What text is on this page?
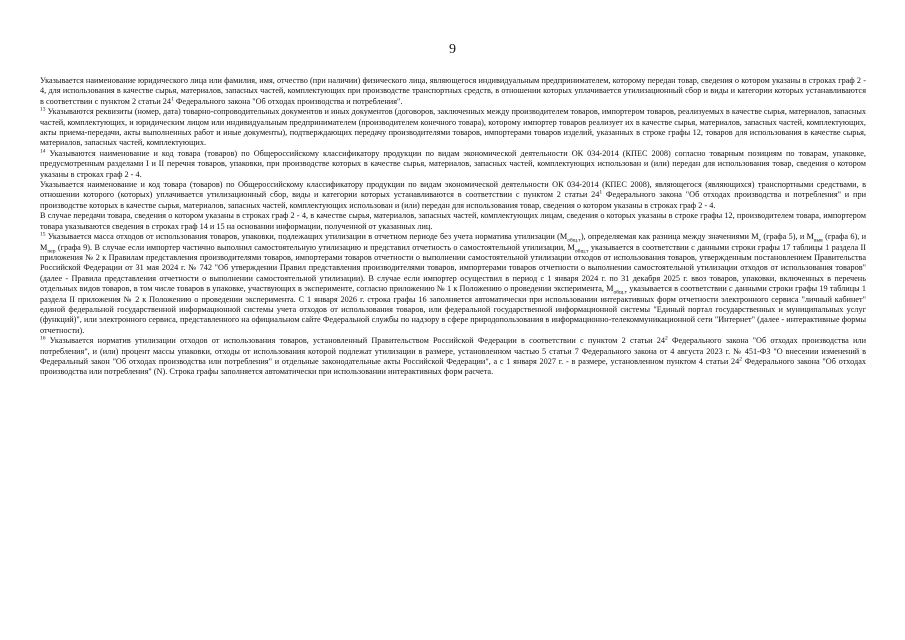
9

Указывается наименование юридического лица или фамилия, имя, отчество (при наличии) физического лица, являющегося индивидуальным предпринимателем, которому передан товар, сведения о котором указаны в строках граф 2 - 4, для использования в качестве сырья, материалов, запасных частей, комплектующих при производстве транспортных средств, в отношении которых уплачивается утилизационный сбор и виды и категории которых устанавливаются в соответствии с пунктом 2 статьи $24^1$ Федерального закона "Об отходах производства и потребления".

$^{13}$ Указываются реквизиты (номер, дата) товарно-сопроводительных документов и иных документов (договоров, заключенных между производителем товаров, импортером товаров, реализуемых в качестве сырья, материалов, запасных частей, комплектующих, и юридическим лицом или индивидуальным предпринимателем (производителем конечного товара), которому импортер товаров реализует их в качестве сырья, материалов, запасных частей, комплектующих, акты приема-передачи, акты выполненных работ и иные документы), подтверждающих передачу производителями товаров, импортерами товаров изделий, указанных в строке графы 12, товаров для использования в качестве сырья, материалов, запасных частей, комплектующих.

$^{14}$ Указываются наименование и код товара (товаров) по Общероссийскому классификатору продукции по видам экономической деятельности ОК 034-2014 (КПЕС 2008) согласно товарным позициям по товарам, упаковке, предусмотренным разделами I и II перечня товаров, упаковки, при производстве которых в качестве сырья, материалов, запасных частей, комплектующих использован и (или) передан для использования товар, сведения о котором указаны в строках граф 2 - 4.

Указывается наименование и код товара (товаров) по Общероссийскому классификатору продукции по видам экономической деятельности ОК 034-2014 (КПЕС 2008), являющегося (являющихся) транспортными средствами, в отношении которого (которых) уплачивается утилизационный сбор, виды и категории которых устанавливаются в соответствии с пунктом 2 статьи $24^1$ Федерального закона "Об отходах производства и потребления" и при производстве которых в качестве сырья, материалов, запасных частей, комплектующих использован и (или) передан для использования товар, сведения о котором указаны в строках граф 2 - 4.

В случае передачи товара, сведения о котором указаны в строках граф 2 - 4, в качестве сырья, материалов, запасных частей, комплектующих лицам, сведения о которых указаны в строке графы 12, производителем товара, импортером товара указываются сведения в строках граф 14 и 15 на основании информации, полученной от указанных лиц.

$^{15}$ Указывается масса отходов от использования товаров, упаковки, подлежащих утилизации в отчетном периоде без учета норматива утилизации $(М_{общ.т})$, определяемая как разница между значениями $М_т$ (графа 5), и $М_{выв}$ (графа 6), и $М_{пер}$ (графа 9). В случае если импортер частично выполнил самостоятельную утилизацию и представил отчетность о самостоятельной утилизации, $М_{общ.т}$ указывается в соответствии с данными строки графы 17 таблицы 1 раздела II приложения № 2 к Правилам представления производителями товаров, импортерами товаров отчетности о выполнении самостоятельной утилизации отходов от использования товаров, утвержденным постановлением Правительства Российской Федерации от 31 мая 2024 г. № 742 "Об утверждении Правил представления производителями товаров, импортерами товаров отчетности о выполнении самостоятельной утилизации отходов от использования товаров" (далее - Правила представления отчетности о выполнении самостоятельной утилизации). В случае если импортер осуществил в период с 1 января 2024 г. по 31 декабря 2025 г. ввоз товаров, упаковки, включенных в перечень отдельных видов товаров, в том числе товаров в упаковке, участвующих в эксперименте, согласно приложению № 1 к Положению о проведении эксперимента, $М_{общ.т}$ указывается в соответствии с данными строки графы 19 таблицы 1 раздела II приложения № 2 к Положению о проведении эксперимента. С 1 января 2026 г. строка графы 16 заполняется автоматически при использовании интерактивных форм отчетности электронного сервиса "личный кабинет" единой федеральной государственной информационной системы учета отходов от использования товаров, или федеральной государственной информационной системы "Единый портал государственных и муниципальных услуг (функций)", или электронного сервиса, представленного на официальном сайте Федеральной службы по надзору в сфере природопользования в информационно-телекоммуникационной сети "Интернет" (далее - интерактивные формы отчетности).

$^{16}$ Указывается норматив утилизации отходов от использования товаров, установленный Правительством Российской Федерации в соответствии с пунктом 2 статьи $24^2$ Федерального закона "Об отходах производства или потребления", и (или) процент массы упаковки, отходы от использования которой подлежат утилизации в размере, установленном частью 5 статьи 7 Федерального закона от 4 августа 2023 г. № 451-ФЗ "О внесении изменений в Федеральный закон "Об отходах производства или потребления" и отдельные законодательные акты Российской Федерации", а с 1 января 2027 г. - в размере, установленном пунктом 4 статьи $24^2$ Федерального закона "Об отходах производства или потребления" (N). Строка графы заполняется автоматически при использовании интерактивных форм расчета.
